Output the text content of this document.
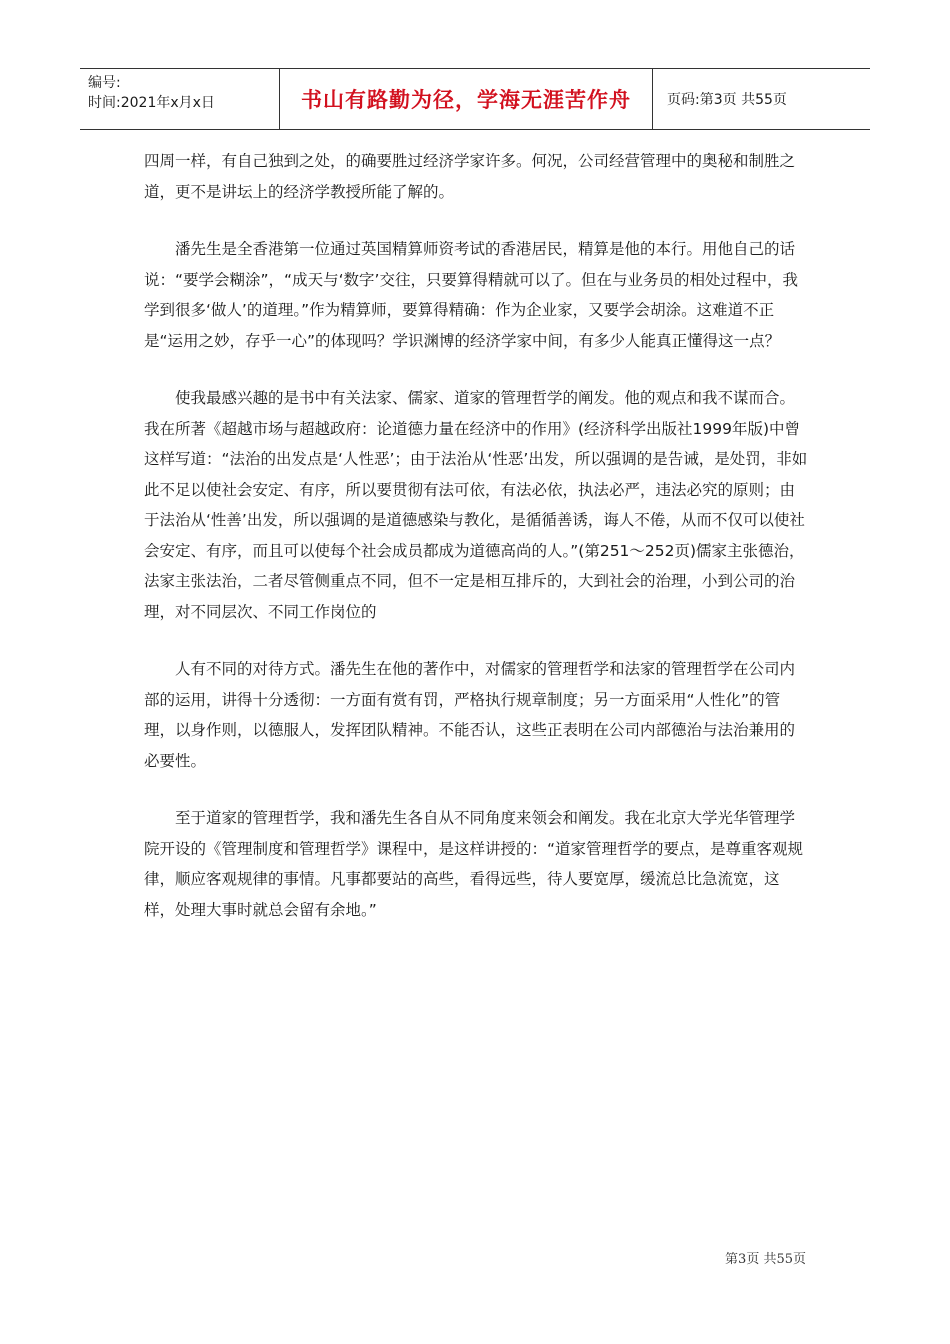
编号:
时间:2021年x月x日	书山有路勤为径，学海无涯苦作舟	页码:第3页 共55页

四周一样，有自己独到之处，的确要胜过经济学家许多。何况，公司经营管理中的奥秘和制胜之道，更不是讲坛上的经济学教授所能了解的。

潘先生是全香港第一位通过英国精算师资考试的香港居民，精算是他的本行。用他自己的话说：“要学会糊涂”，“成天与‘数字’交往，只要算得精就可以了。但在与业务员的相处过程中，我学到很多‘做人’的道理。”作为精算师，要算得精确：作为企业家，又要学会胡涂。这难道不正是“运用之妙，存乎一心”的体现吗？学识渊博的经济学家中间，有多少人能真正懂得这一点？

使我最感兴趣的是书中有关法家、儒家、道家的管理哲学的阐发。他的观点和我不谋而合。我在所著《超越市场与超越政府：论道德力量在经济中的作用》(经济科学出版社1999年版)中曾这样写道：“法治的出发点是‘人性恶’；由于法治从‘性恶’出发，所以强调的是告诫，是处罚，非如此不足以使社会安定、有序，所以要贯彻有法可依，有法必依，执法必严，违法必究的原则；由于法治从‘性善’出发，所以强调的是道德感染与教化，是循循善诱，诲人不倦，从而不仅可以使社会安定、有序，而且可以使每个社会成员都成为道德高尚的人。”(第251～252页)儒家主张德治，法家主张法治，二者尽管侧重点不同，但不一定是相互排斥的，大到社会的治理，小到公司的治理，对不同层次、不同工作岗位的

人有不同的对待方式。潘先生在他的著作中，对儒家的管理哲学和法家的管理哲学在公司内部的运用，讲得十分透彻：一方面有赏有罚，严格执行规章制度；另一方面采用“人性化”的管理，以身作则，以德服人，发挥团队精神。不能否认，这些正表明在公司内部德治与法治兼用的必要性。

至于道家的管理哲学，我和潘先生各自从不同角度来领会和阐发。我在北京大学光华管理学院开设的《管理制度和管理哲学》课程中，是这样讲授的：“道家管理哲学的要点，是尊重客观规律，顺应客观规律的事情。凡事都要站的高些，看得远些，待人要宽厚，缓流总比急流宽，这样，处理大事时就总会留有余地。”

第3页 共55页
